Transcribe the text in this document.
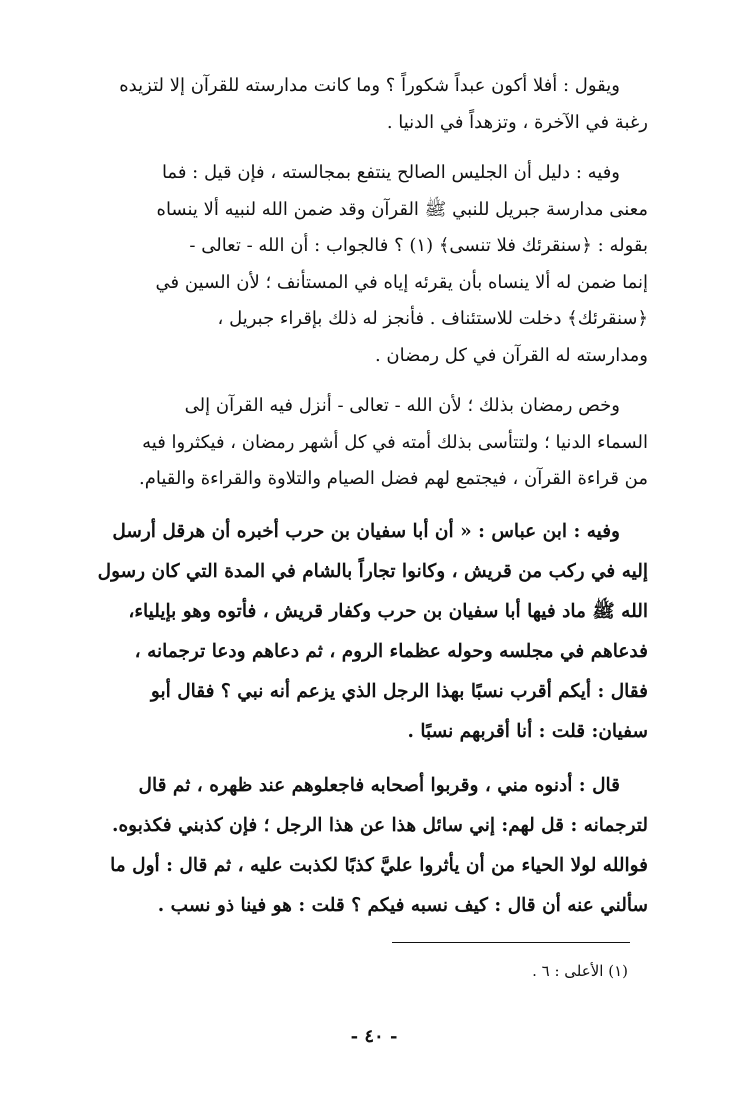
ويقول : أفلا أكون عبداً شكوراً ؟ وما كانت مدارسته للقرآن إلا لتزيده
رغبة في الآخرة ، وتزهداً في الدنيا .

وفيه : دليل أن الجليس الصالح ينتفع بمجالسته ، فإن قيل : فما
معنى مدارسة جبريل للنبي ﷺ القرآن وقد ضمن الله لنبيه ألا ينساه
بقوله : ﴿سنقرئك فلا تنسى﴾ (١) ؟ فالجواب : أن الله - تعالى -
إنما ضمن له ألا ينساه بأن يقرئه إياه في المستأنف ؛ لأن السين في
﴿سنقرئك﴾ دخلت للاستئناف . فأنجز له ذلك بإقراء جبريل ،
ومدارسته له القرآن في كل رمضان .

وخص رمضان بذلك ؛ لأن الله - تعالى - أنزل فيه القرآن إلى
السماء الدنيا ؛ ولتتأسى بذلك أمته في كل أشهر رمضان ، فيكثروا فيه
من قراءة القرآن ، فيجتمع لهم فضل الصيام والتلاوة والقراءة والقيام.

وفيه : ابن عباس : « أن أبا سفيان بن حرب أخبره أن هرقل أرسل
إليه في ركب من قريش ، وكانوا تجاراً بالشام في المدة التي كان رسول
الله ﷺ ماد فيها أبا سفيان بن حرب وكفار قريش ، فأتوه وهو بإيلياء،
فدعاهم في مجلسه وحوله عظماء الروم ، ثم دعاهم ودعا ترجمانه ،
فقال : أيكم أقرب نسبًا بهذا الرجل الذي يزعم أنه نبي ؟ فقال أبو
سفيان: قلت : أنا أقربهم نسبًا .

قال : أدنوه مني ، وقربوا أصحابه فاجعلوهم عند ظهره ، ثم قال
لترجمانه : قل لهم: إني سائل هذا عن هذا الرجل ؛ فإن كذبني فكذبوه.
فوالله لولا الحياء من أن يأثروا عليَّ كذبًا لكذبت عليه ، ثم قال : أول ما
سألني عنه أن قال : كيف نسبه فيكم ؟ قلت : هو فينا ذو نسب .

(١) الأعلى : ٦ .
- ٤٠ -
